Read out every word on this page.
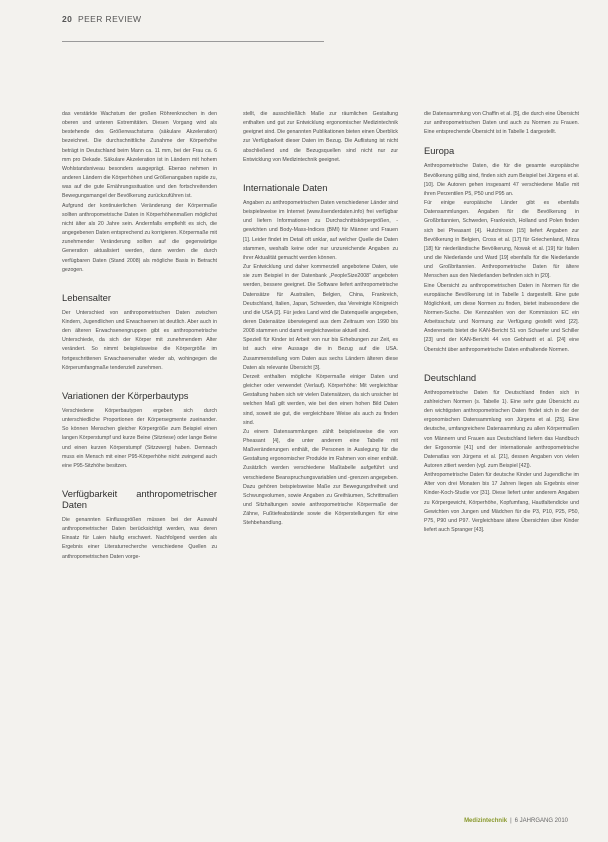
20 PEER REVIEW

das verstärkte Wachstum der großen Röhrenknochen in den oberen und unteren Extremitäten. Diesen Vorgang wird als bestehende des Größenwachstums (säkulare Akzeleration) bezeichnet. Die durchschnittliche Zunahme der Körperhöhe beträgt in Deutschland beim Mann ca. 11 mm, bei der Frau ca. 6 mm pro Dekade. Säkulare Akzeleration ist in Ländern mit hohem Wohlstandsniveau besonders ausgeprägt. Ebenso nehmen in anderen Ländern die Körperhöhen und Größenangaben rapide zu, was auf die gute Ernährungssituation und den fortschreitenden Bewegungsmangel der Bevölkerung zurückzuführen ist.

Aufgrund der kontinuierlichen Veränderung der Körpermaße sollten anthropometrische Daten in Körperhöhenmaßen möglichst nicht älter als 20 Jahre sein. Andernfalls empfiehlt es sich, die angegebenen Daten entsprechend zu korrigieren. Körpermaße mit zunehmender Veränderung sollten auf die gegenwärtige Generation aktualisiert werden, dann werden die durch verfügbaren Daten (Stand 2008) als mögliche Basis in Betracht gezogen.

Lebensalter

Der Unterschied von anthropometrischen Daten zwischen Kindern, Jugendlichen und Erwachsenen ist deutlich. Aber auch in den älteren Erwachsenengruppen gibt es anthropometrische Unterschiede, da sich der Körper mit zunehmendem Alter verändert. So nimmt beispielsweise die Körpergröße im fortgeschrittenen Erwachsenenalter wieder ab, wohingegen die Körperumfangmaße tendenziell zunehmen.

Variationen der Körperbautyps

Verschiedene Körperbautypen ergeben sich durch unterschiedliche Proportionen der Körpersegmente zueinander. So können Menschen gleicher Körpergröße zum Beispiel einen langen Körperstumpf und kurze Beine (Sitzriese) oder lange Beine und einen kurzen Körperstumpf (Sitzzwerg) haben. Demnach muss ein Mensch mit einer P95-Körperhöhe nicht zwingend auch eine P95-Sitzhöhe besitzen.

Verfügbarkeit anthropometrischer Daten

Die genannten Einflussgrößen müssen bei der Auswahl anthropometrischer Daten berücksichtigt werden, was deren Einsatz für Laien häufig erschwert. Nachfolgend werden als Ergebnis einer Literaturrecherche verschiedene Quellen zu anthropometrischen Daten vorge-

stellt, die ausschließlich Maße zur räumlichen Gestaltung enthalten und gut zur Entwicklung ergonomischer Medizintechnik geeignet sind. Die genannten Publikationen bieten einen Überblick zur Verfügbarkeit dieser Daten im Bezug. Die Auflistung ist nicht abschließend und die Bezugsquellen sind nicht nur zur Entwicklung von Medizintechnik geeignet.

Internationale Daten

Angaben zu anthropometrischen Daten verschiedener Länder sind beispielsweise im Internet (www.ilsenderdaten.info) frei verfügbar und liefern Informationen zu Durchschnittskörpergrößen, -gewichten und Body-Mass-Indices (BMI) für Männer und Frauen [1]. Leider findet im Detail oft unklar, auf welcher Quelle die Daten stammen, weshalb keine oder nur unzureichende Angaben zu ihrer Aktualität gemacht werden können.

Zur Entwicklung und daher kommerziell angebotene Daten, wie sie zum Beispiel in der Datenbank „PeopleSize2008“ angeboten werden, bessere geeignet. Die Software liefert anthropometrische Datensätze für Australien, Belgien, China, Frankreich, Deutschland, Italien, Japan, Schweden, das Vereinigte Königreich und die USA [2]. Für jedes Land wird die Datenquelle angegeben, deren Datensätze überwiegend aus dem Zeitraum von 1990 bis 2008 stammen und damit vergleichsweise aktuell sind.

Speziell für Kinder ist Arbeit von nur bis Erhebungen zur Zeit, es ist auch eine Aussage die in Bezug auf die USA. Zusammenstellung vom Daten aus sechs Ländern älteren diese Daten als relevante Übersicht [3].

Derzeit enthalten mögliche Körpermaße einiger Daten und gleicher oder verwendet (Verlauf). Körperhöhe: Mit vergleichbar Gestaltung haben sich wir vielen Datensätzen, da sich unsicher ist welchen Maß gilt werden, wie bei den einen hohen Bild Daten sind, soweit sie gut, die vergleichbare Weise als auch zu finden sind.

Zu einem Datensammlungen zählt beispielsweise die von Pheasant [4], die unter anderem eine Tabelle mit Maßveränderungen enthält, die Personen in Auslegung für die Gestaltung ergonomischer Produkte im Rahmen von einer enthält. Zusätzlich werden verschiedene Maßtabelle aufgeführt und verschiedene Beanspruchungsvariablen und -grenzen angegeben. Dazu gehören beispielsweise Maße zur Bewegungsfreiheit und Schwungvolumen, sowie Angaben zu Greifräumen, Schrittmaßen und Sitzhaltungen sowie anthropometrische Körpermaße der Zähne, Fußtiefeabstände sowie die Körperstellungen für eine Stehbehandlung.

die Datensammlung von Chaffin et al. [5], die durch eine Übersicht zur anthropometrischen Daten und auch zu Normen zu Frauen. Eine entsprechende Übersicht ist in Tabelle 1 dargestellt.

Europa

Anthropometrische Daten, die für die gesamte europäische Bevölkerung gültig sind, finden sich zum Beispiel bei Jürgens et al. [10]. Die Autoren gehen insgesamt 47 verschiedene Maße mit ihren Perzentilen P5, P50 und P95 an.

Für einige europäische Länder gibt es ebenfalls Datensammlungen. Angaben für die Bevölkerung in Großbritannien, Schweden, Frankreich, Holland und Polen finden sich bei Pheasant [4]. Hutchinson [15] liefert Angaben zur Bevölkerung in Belgien, Cross et al. [17] für Griechenland, Mirza [18] für niederländische Bevölkerung, Nowak et al. [19] für Italien und die Niederlande und Ward [19] ebenfalls für die Niederlande und Großbritannien. Anthropometrische Daten für ältere Menschen aus den Niederlanden befinden sich in [20].

Eine Übersicht zu anthropometrischen Daten in Normen für die europäische Bevölkerung ist in Tabelle 1 dargestellt. Eine gute Möglichkeit, um diese Normen zu finden, bietet insbesondere die Normen-Suche. Die Kennzahlen von der Kommission EC ein Arbeitsschutz und Normung zur Verfügung gestellt wird [22]. Andererseits bietet die KAN-Bericht 51 von Schaefer und Schiller [23] und der KAN-Bericht 44 von Gebhardt et al. [24] eine Übersicht über anthropometrische Daten enthaltende Normen.

Deutschland

Anthropometrische Daten für Deutschland finden sich in zahlreichen Normen (s. Tabelle 1). Eine sehr gute Übersicht zu den wichtigsten anthropometrischen Daten findet sich in der der ergonomischen Datensammlung von Jürgens et al. [25]. Eine deutsche, umfangreichere Datensammlung zu allen Körpermaßen von Männern und Frauen aus Deutschland liefern das Handbuch der Ergonomie [41] und der internationale anthropometrische Datenatlas von Jürgens et al. [21], dessen Angaben von vielen Autoren zitiert werden (vgl. zum Beispiel [42]).

Anthropometrische Daten für deutsche Kinder und Jugendliche im Alter von drei Monaten bis 17 Jahren liegen als Ergebnis einer Kinder-Koch-Studie vor [31]. Diese liefert unter anderem Angaben zu Körpergewicht, Körperhöhe, Kopfumfang, Hautfaltendicke und Gewichten von Jungen und Mädchen für die P3, P10, P25, P50, P75, P90 und P97. Vergleichbare ältere Übersichten über Kinder liefert auch Spranger [43].

Medizintechnik | 6 JAHRGANG 2010
